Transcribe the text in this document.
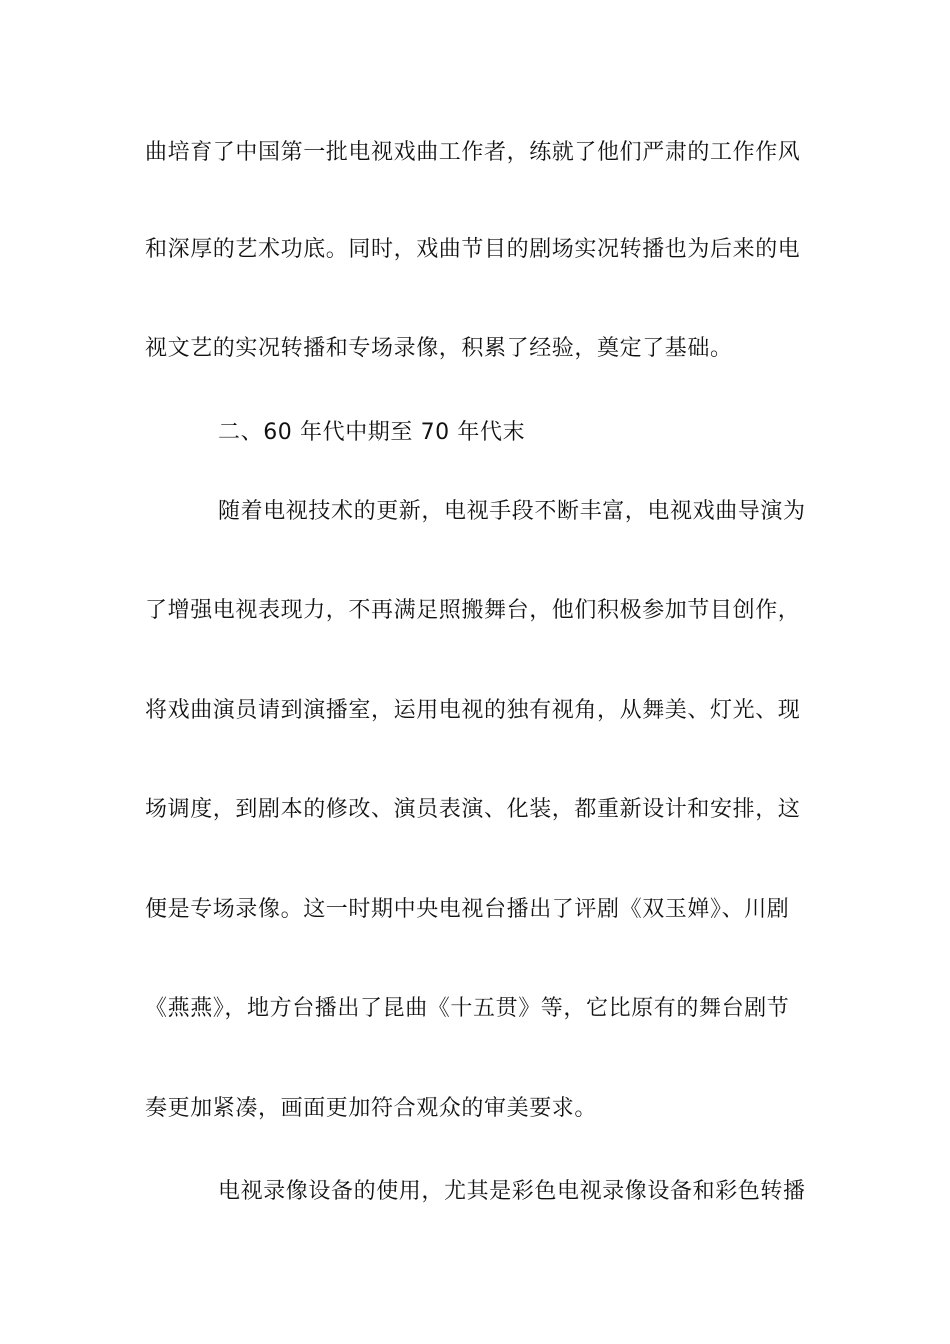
曲培育了中国第一批电视戏曲工作者，练就了他们严肃的工作作风
和深厚的艺术功底。同时，戏曲节目的剧场实况转播也为后来的电
视文艺的实况转播和专场录像，积累了经验，奠定了基础。
二、60 年代中期至 70 年代末
随着电视技术的更新，电视手段不断丰富，电视戏曲导演为
了增强电视表现力，不再满足照搬舞台，他们积极参加节目创作，
将戏曲演员请到演播室，运用电视的独有视角，从舞美、灯光、现
场调度，到剧本的修改、演员表演、化装，都重新设计和安排，这
便是专场录像。这一时期中央电视台播出了评剧《双玉婵》、川剧
《燕燕》，地方台播出了昆曲《十五贯》等，它比原有的舞台剧节
奏更加紧凑，画面更加符合观众的审美要求。
电视录像设备的使用，尤其是彩色电视录像设备和彩色转播
